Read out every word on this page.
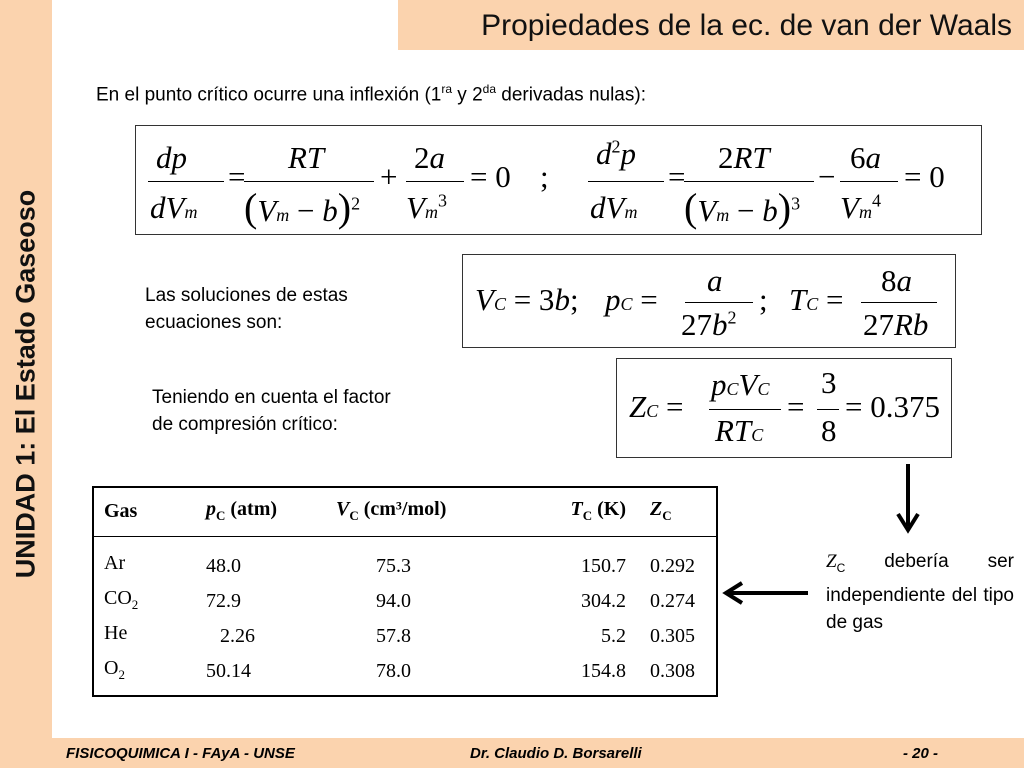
UNIDAD 1: El Estado Gaseoso
Propiedades de la ec. de van der Waals
En el punto crítico ocurre una inflexión ($1^{ra}$ y $2^{da}$ derivadas nulas):
dp
dVm
=
RT
$(Vm - b)^2$
+
2a
$Vm^3$
= 0 ;
$d^2p$
dVm
=
2RT
$(Vm - b)^3$
−
6a
$Vm^4$
= 0
Las soluciones de estas
ecuaciones son:
VC = 3b; pC =
a
$27b^2$
; TC =
8a
27Rb
Teniendo en cuenta el factor
de compresión crítico:
ZC =
pCVC
RTC
=
3
8
= 0.375
$Z_C$ debería ser independiente del tipo de gas
Gas	$p_C$ (atm)	$V_C$ (cm³/mol)	$T_C$ (K)	$Z_C$
Ar	48.0	75.3	150.7	0.292
$CO_2$	72.9	94.0	304.2	0.274
He	2.26	57.8	5.2	0.305
$O_2$	50.14	78.0	154.8	0.308
FISICOQUIMICA I - FAyA - UNSE	Dr. Claudio D. Borsarelli	- 20 -
